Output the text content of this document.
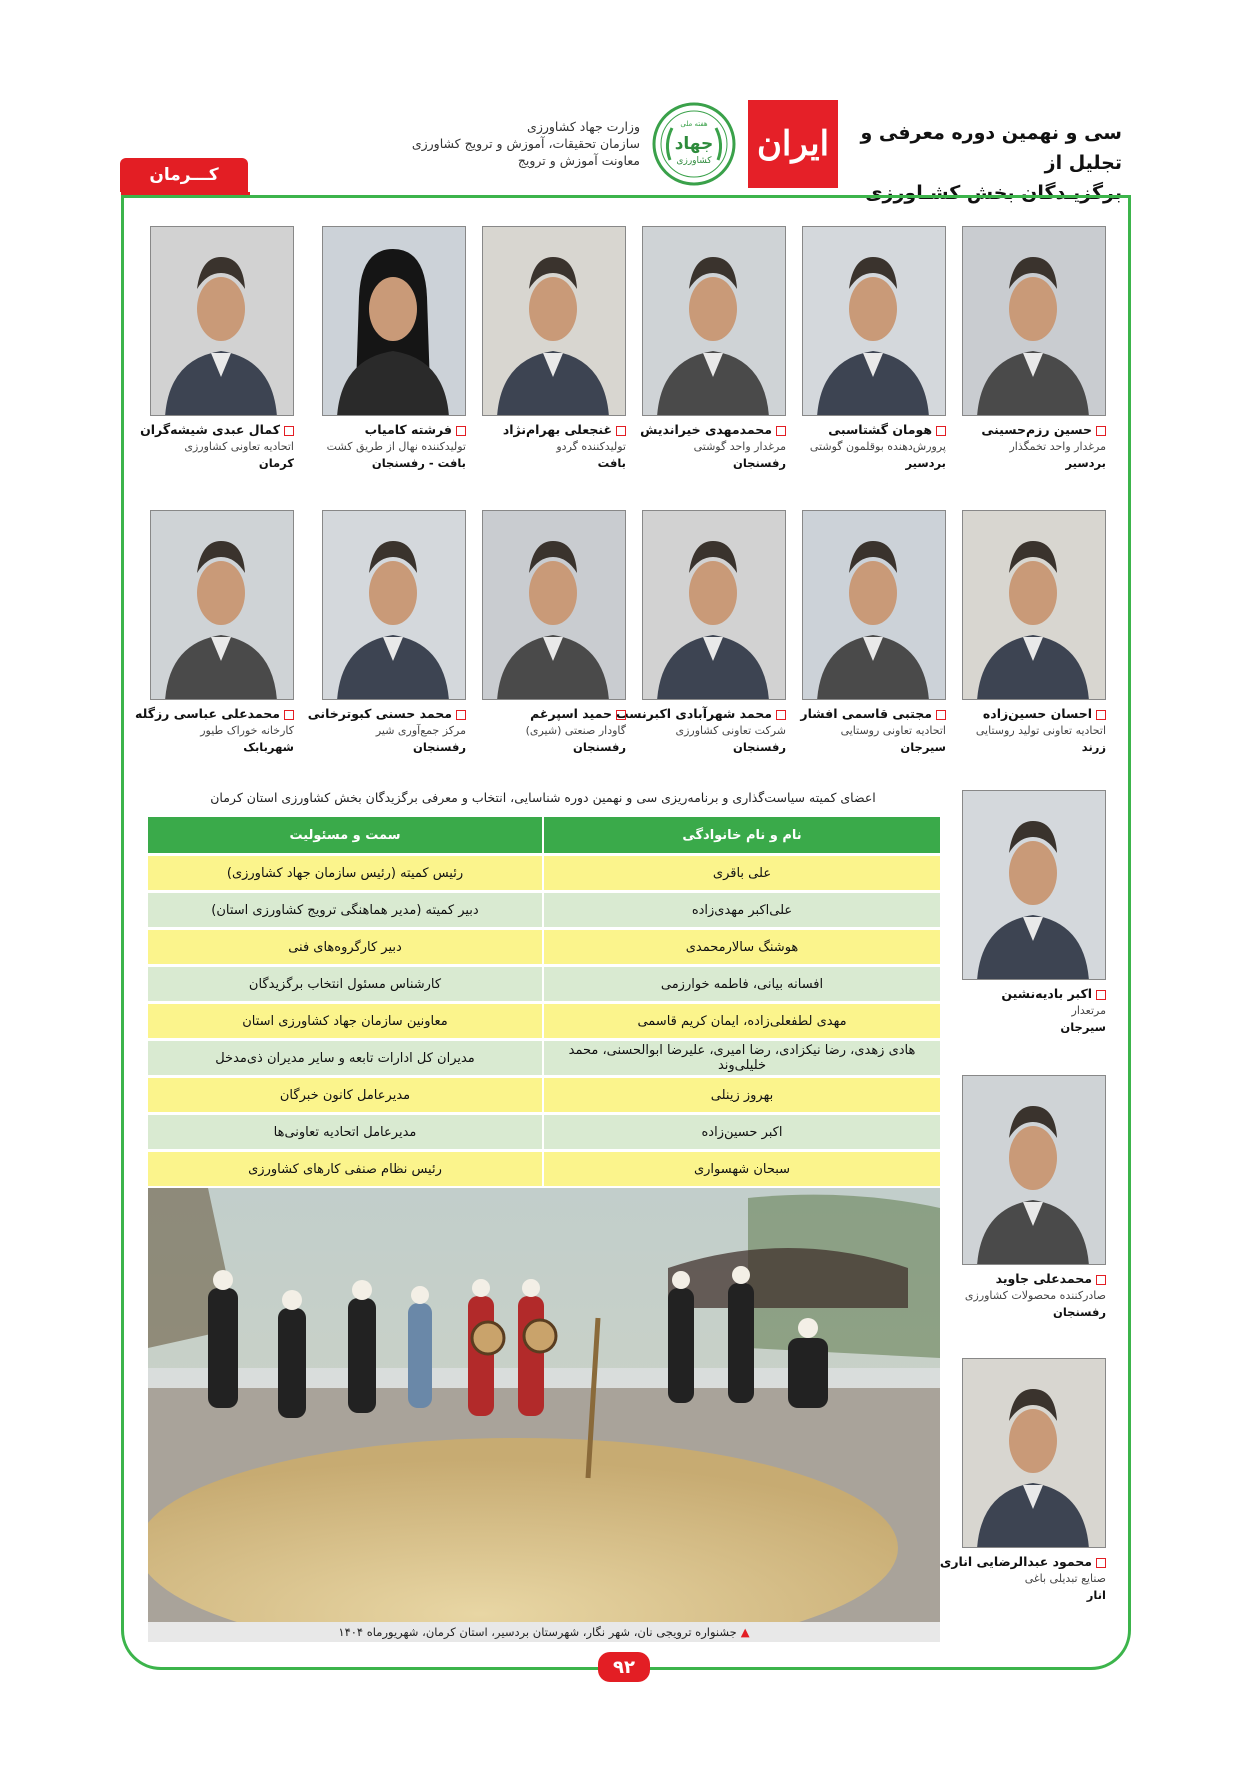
سی و نهمین دوره معرفی و تجلیل از
برگزیـدگان بخش کشـاورزی
ایران
هفته ملی
جهاد
کشاورزی
وزارت جهاد کشاورزی
سازمان تحقیقات، آموزش و ترویج کشاورزی
معاونت آموزش و ترویج
کـــرمان
حسین رزم‌حسینی
مرغدار واحد تخمگذار
بردسیر
هومان گشتاسبی
پرورش‌دهنده بوقلمون گوشتی
بردسیر
محمدمهدی خیراندیش
مرغدار واحد گوشتی
رفسنجان
غنجعلی بهرام‌نژاد
تولیدکننده گردو
بافت
فرشته کامیاب
تولیدکننده نهال از طریق کشت
بافت - رفسنجان
کمال عبدی شیشه‌گران
اتحادیه تعاونی کشاورزی
کرمان
احسان حسین‌زاده
اتحادیه تعاونی تولید روستایی
زرند
مجتبی قاسمی افشار
اتحادیه تعاونی روستایی
سیرجان
محمد شهرآبادی اکبرنسب
شرکت تعاونی کشاورزی
رفسنجان
حمید اسپرغم
گاودار صنعتی (شیری)
رفسنجان
محمد حسنی کبوترخانی
مرکز جمع‌آوری شیر
رفسنجان
محمدعلی عباسی رزگله
کارخانه خوراک طیور
شهربابک
اکبر بادیه‌نشین
مرتعدار
سیرجان
محمدعلی جاوید
صادرکننده محصولات کشاورزی
رفسنجان
محمود عبدالرضایی اناری
صنایع تبدیلی باغی
انار
اعضای کمیته سیاست‌گذاری و برنامه‌ریزی سی و نهمین دوره شناسایی، انتخاب و معرفی برگزیدگان بخش کشاورزی استان کرمان
نام و نام خانوادگی	سمت و مسئولیت
علی باقری	رئیس کمیته (رئیس سازمان جهاد کشاورزی)
علی‌اکبر مهدی‌زاده	دبیر کمیته (مدیر هماهنگی ترویج کشاورزی استان)
هوشنگ سالارمحمدی	دبیر کارگروه‌های فنی
افسانه بیانی، فاطمه خوارزمی	کارشناس مسئول انتخاب برگزیدگان
مهدی لطفعلی‌زاده، ایمان کریم قاسمی	معاونین سازمان جهاد کشاورزی استان
هادی زهدی، رضا نیکزادی، رضا امیری، علیرضا ابوالحسنی، محمد خلیلی‌وند	مدیران کل ادارات تابعه و سایر مدیران ذی‌مدخل
بهروز زینلی	مدیرعامل کانون خبرگان
اکبر حسین‌زاده	مدیرعامل اتحادیه تعاونی‌ها
سبحان شهسواری	رئیس نظام صنفی کارهای کشاورزی
▲
جشنواره ترویجی نان، شهر نگار، شهرستان بردسیر، استان کرمان، شهریورماه ۱۴۰۴
۹۲
